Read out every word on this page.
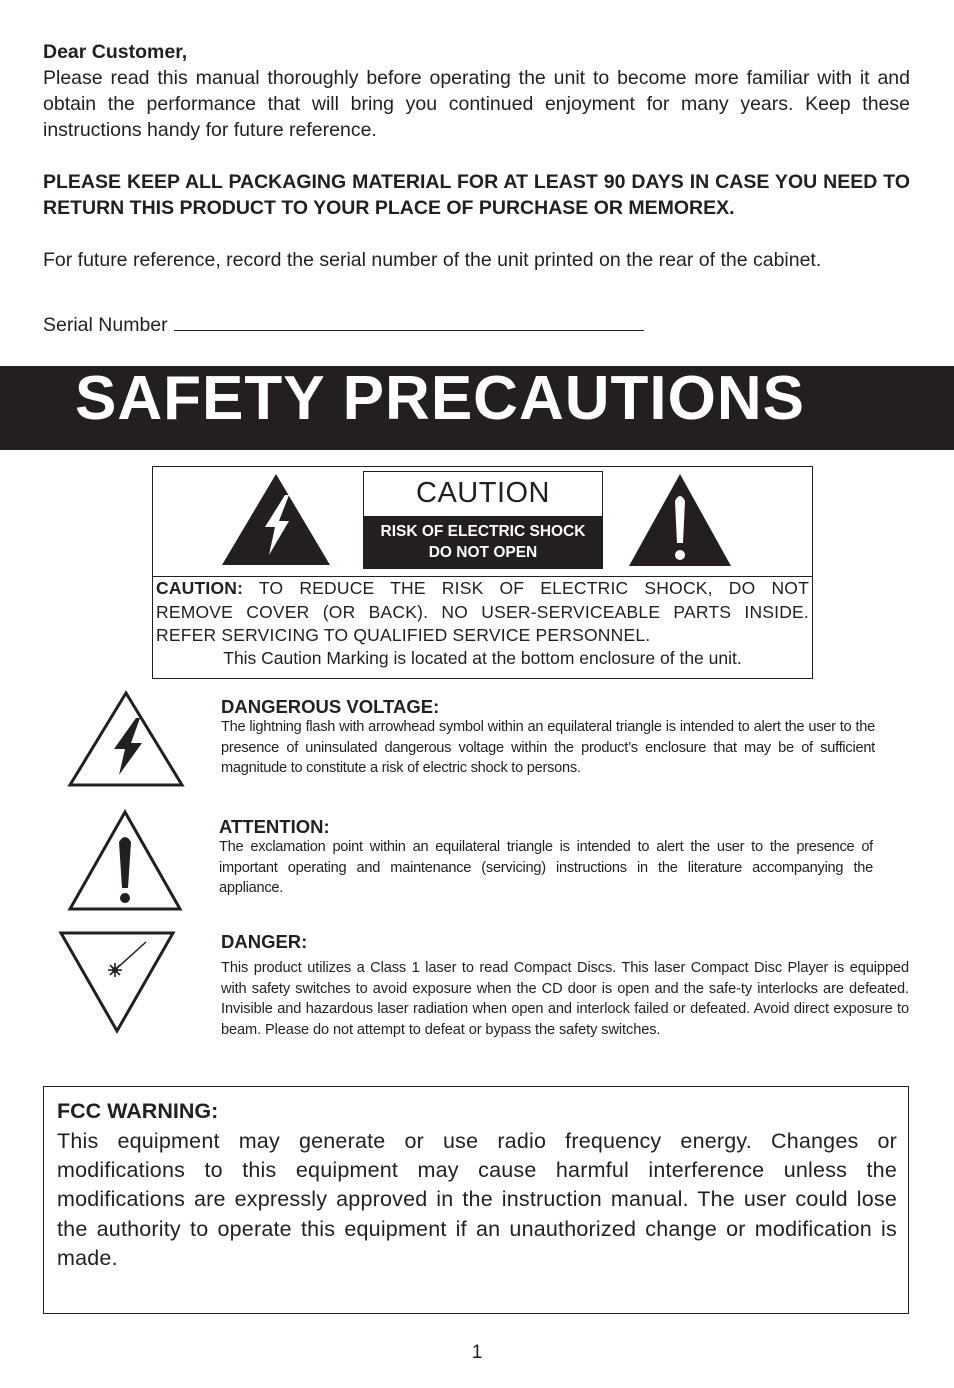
Dear Customer,

Please read this manual thoroughly before operating the unit to become more familiar with it and obtain the performance that will bring you continued enjoyment for many years. Keep these instructions handy for future reference.

PLEASE KEEP ALL PACKAGING MATERIAL FOR AT LEAST 90 DAYS IN CASE YOU NEED TO RETURN THIS PRODUCT TO YOUR PLACE OF PURCHASE OR MEMOREX.

For future reference, record the serial number of the unit printed on the rear of the cabinet.

Serial Number
SAFETY PRECAUTIONS
CAUTION
RISK OF ELECTRIC SHOCK
DO NOT OPEN
CAUTION: TO REDUCE THE RISK OF ELECTRIC SHOCK, DO NOT
REMOVE COVER (OR BACK). NO USER-SERVICEABLE PARTS INSIDE.
REFER SERVICING TO QUALIFIED SERVICE PERSONNEL.
This Caution Marking is located at the bottom enclosure of the unit.
DANGEROUS VOLTAGE:
The lightning flash with arrowhead symbol within an equilateral triangle is intended to alert the user to the presence of uninsulated dangerous voltage within the product’s enclosure that may be of sufficient magnitude to constitute a risk of electric shock to persons.
ATTENTION:
The exclamation point within an equilateral triangle is intended to alert the user to the presence of important operating and maintenance (servicing) instructions in the literature accompanying the appliance.
DANGER:
This product utilizes a Class 1 laser to read Compact Discs. This laser Compact Disc Player is equipped with safety switches to avoid exposure when the CD door is open and the safe-ty interlocks are defeated. Invisible and hazardous laser radiation when open and interlock failed or defeated. Avoid direct exposure to beam. Please do not attempt to defeat or bypass the safety switches.
FCC WARNING:
This equipment may generate or use radio frequency energy. Changes or modifications to this equipment may cause harmful interference unless the modifications are expressly approved in the instruction manual. The user could lose the authority to operate this equipment if an unauthorized change or modification is made.
1
